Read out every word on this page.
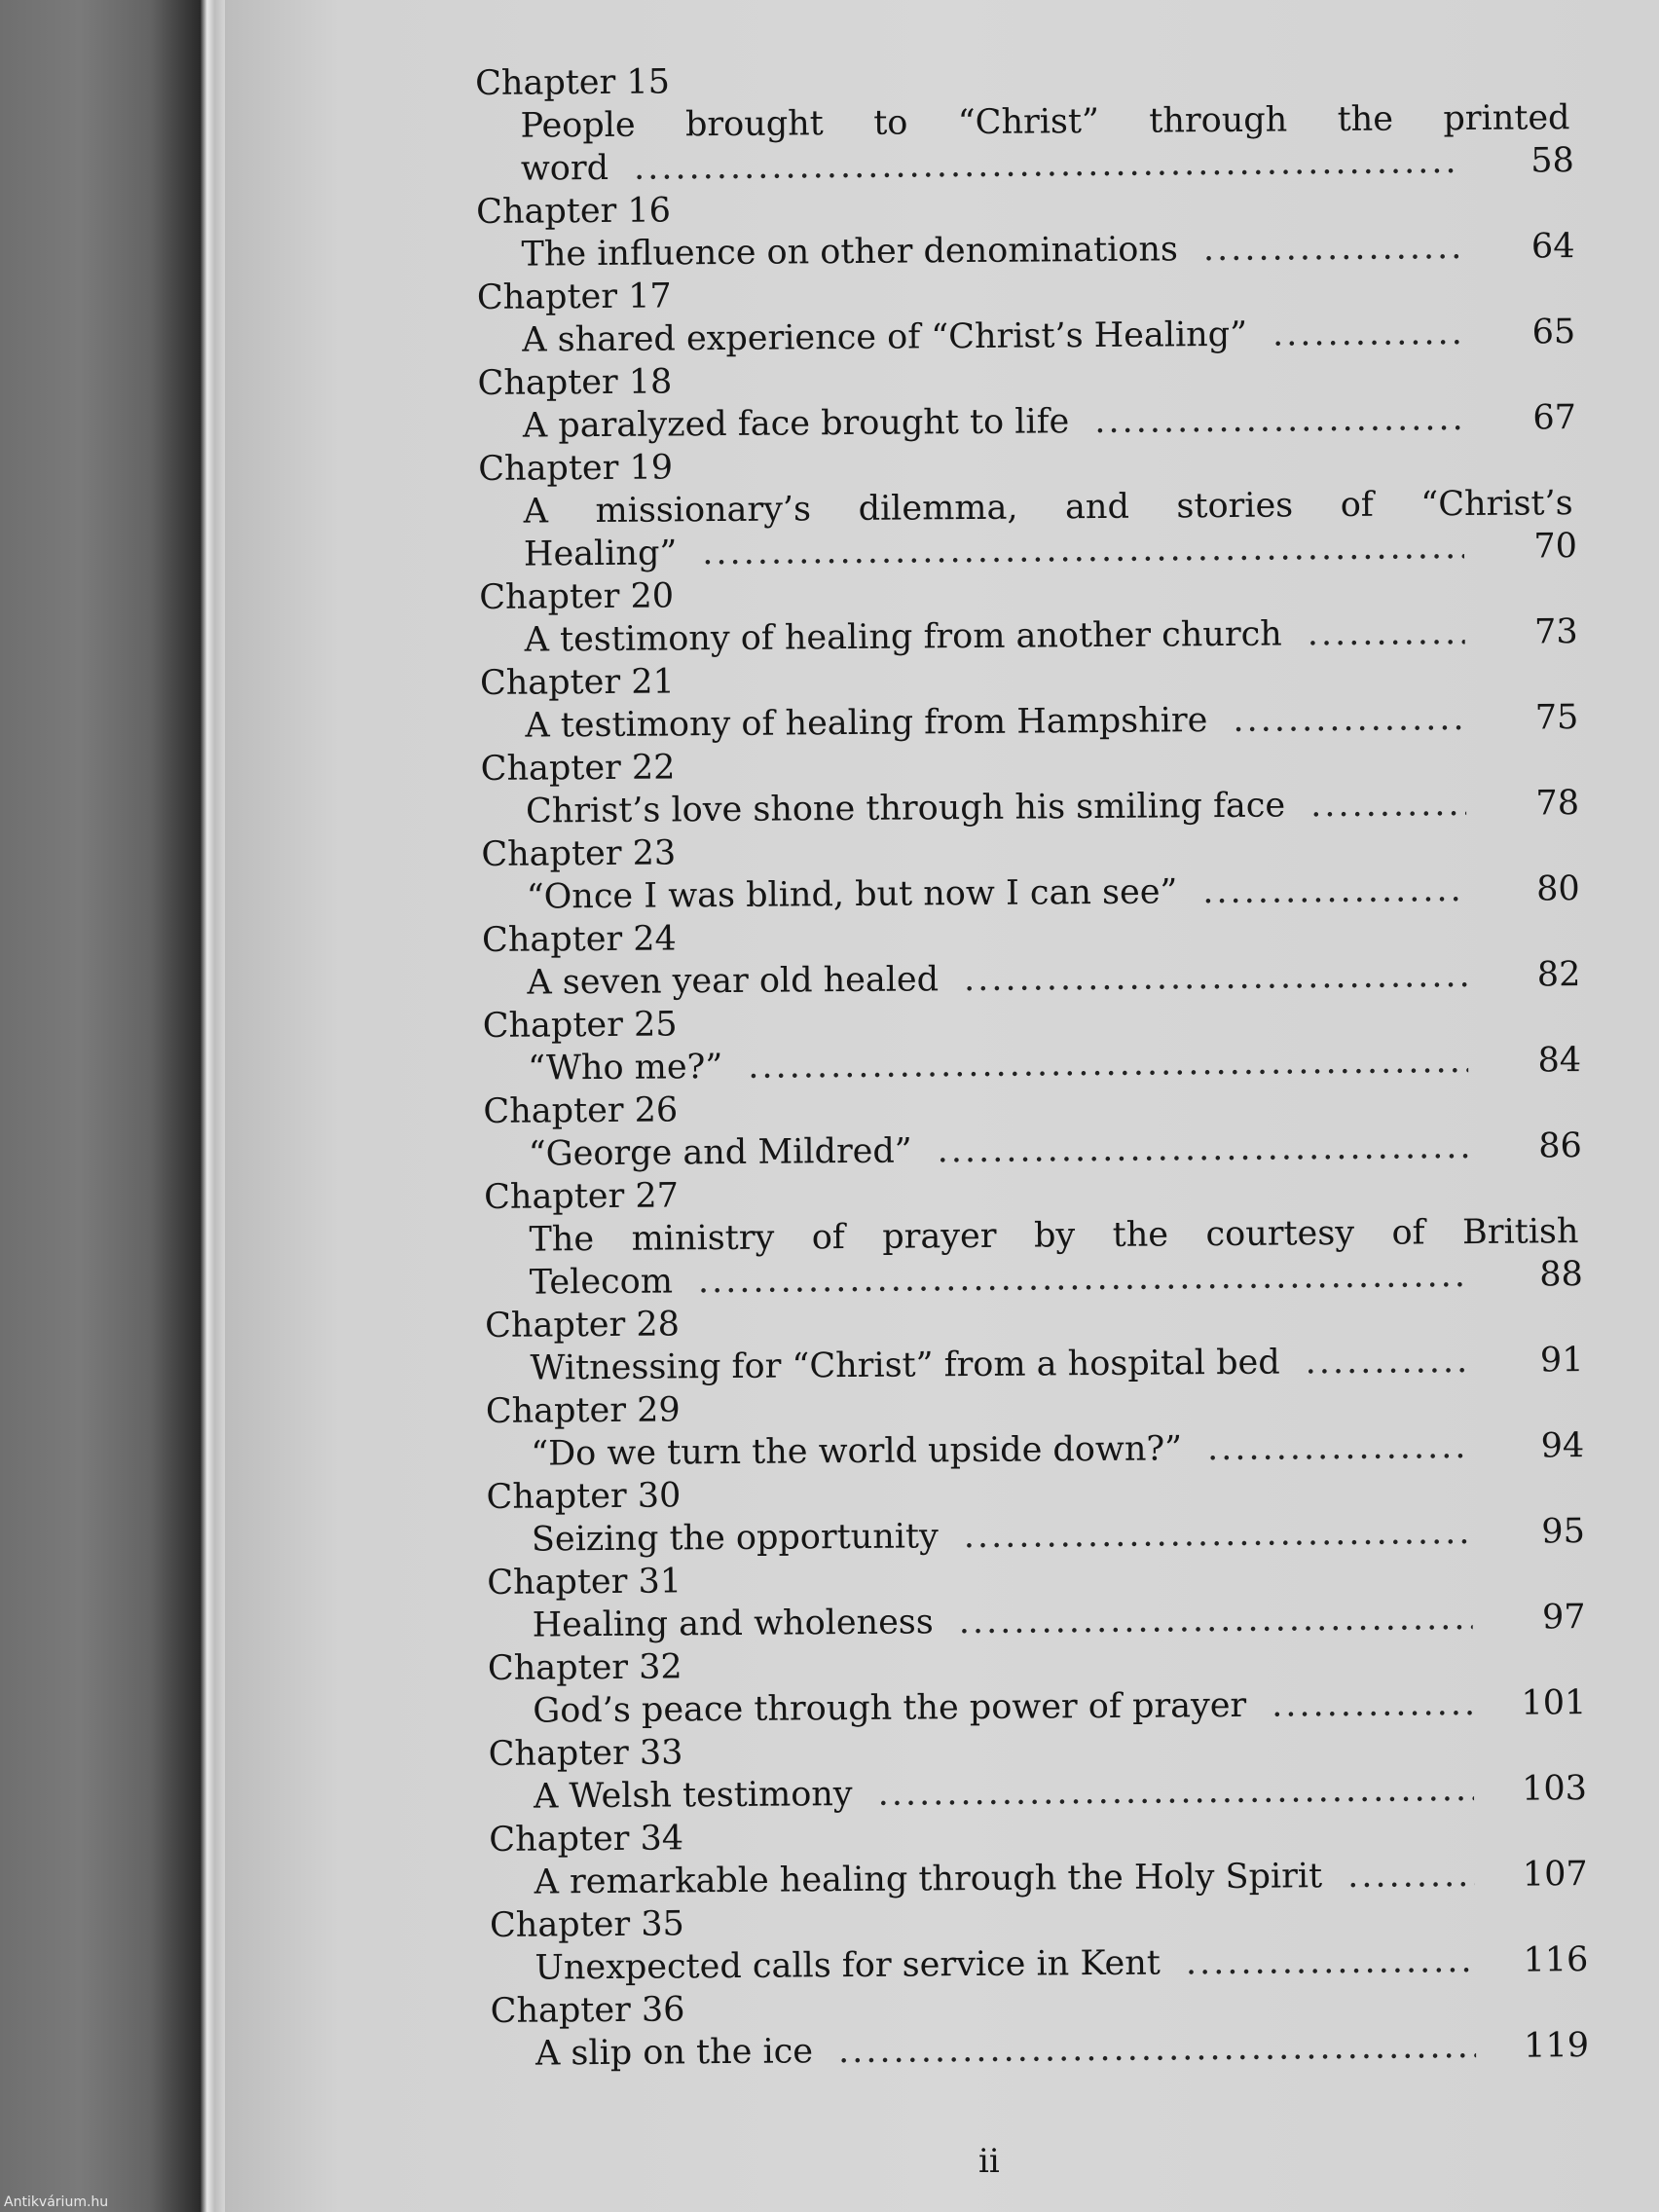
Chapter 15
People brought to “Christ” through the printed
word .....	58
Chapter 16
The influence on other denominations .....	64
Chapter 17
A shared experience of “Christ’s Healing” .....	65
Chapter 18
A paralyzed face brought to life .....	67
Chapter 19
A missionary’s dilemma, and stories of “Christ’s
Healing” .....	70
Chapter 20
A testimony of healing from another church .....	73
Chapter 21
A testimony of healing from Hampshire .....	75
Chapter 22
Christ’s love shone through his smiling face .....	78
Chapter 23
“Once I was blind, but now I can see” .....	80
Chapter 24
A seven year old healed .....	82
Chapter 25
“Who me?” .....	84
Chapter 26
“George and Mildred” .....	86
Chapter 27
The ministry of prayer by the courtesy of British
Telecom .....	88
Chapter 28
Witnessing for “Christ” from a hospital bed .....	91
Chapter 29
“Do we turn the world upside down?” .....	94
Chapter 30
Seizing the opportunity .....	95
Chapter 31
Healing and wholeness .....	97
Chapter 32
God’s peace through the power of prayer .....	101
Chapter 33
A Welsh testimony .....	103
Chapter 34
A remarkable healing through the Holy Spirit .....	107
Chapter 35
Unexpected calls for service in Kent .....	116
Chapter 36
A slip on the ice .....	119
ii
Antikvárium.hu
